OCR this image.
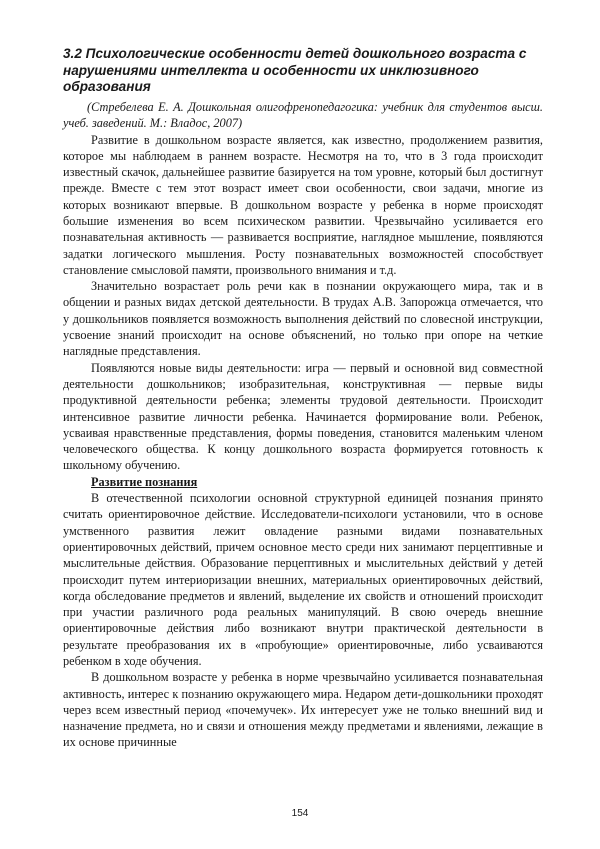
3.2 Психологические особенности детей дошкольного возраста с нарушениями интеллекта и особенности их инклюзивного образования

(Стребелева Е. А. Дошкольная олигофренопедагогика: учебник для студентов высш. учеб. заведений. М.: Владос, 2007)

Развитие в дошкольном возрасте является, как известно, продолжением развития, которое мы наблюдаем в раннем возрасте. Несмотря на то, что в 3 года происходит известный скачок, дальнейшее развитие базируется на том уровне, который был достигнут прежде. Вместе с тем этот возраст имеет свои особенности, свои задачи, многие из которых возникают впервые. В дошкольном возрасте у ребенка в норме происходят большие изменения во всем психическом развитии. Чрезвычайно усиливается его познавательная активность — развивается восприятие, наглядное мышление, появляются задатки логического мышления. Росту познавательных возможностей способствует становление смысловой памяти, произвольного внимания и т.д.

Значительно возрастает роль речи как в познании окружающего мира, так и в общении и разных видах детской деятельности. В трудах А.В. Запорожца отмечается, что у дошкольников появляется возможность выполнения действий по словесной инструкции, усвоение знаний происходит на основе объяснений, но только при опоре на четкие наглядные представления.

Появляются новые виды деятельности: игра — первый и основной вид совместной деятельности дошкольников; изобразительная, конструктивная — первые виды продуктивной деятельности ребенка; элементы трудовой деятельности. Происходит интенсивное развитие личности ребенка. Начинается формирование воли. Ребенок, усваивая нравственные представления, формы поведения, становится маленьким членом человеческого общества. К концу дошкольного возраста формируется готовность к школьному обучению.

Развитие познания

В отечественной психологии основной структурной единицей познания принято считать ориентировочное действие. Исследователи-психологи установили, что в основе умственного развития лежит овладение разными видами познавательных ориентировочных действий, причем основное место среди них занимают перцептивные и мыслительные действия. Образование перцептивных и мыслительных действий у детей происходит путем интериоризации внешних, материальных ориентировочных действий, когда обследование предметов и явлений, выделение их свойств и отношений происходит при участии различного рода реальных манипуляций. В свою очередь внешние ориентировочные действия либо возникают внутри практической деятельности в результате преобразования их в «пробующие» ориентировочные, либо усваиваются ребенком в ходе обучения.

В дошкольном возрасте у ребенка в норме чрезвычайно усиливается познавательная активность, интерес к познанию окружающего мира. Недаром дети-дошкольники проходят через всем известный период «почемучек». Их интересует уже не только внешний вид и назначение предмета, но и связи и отношения между предметами и явлениями, лежащие в их основе причинные

154
